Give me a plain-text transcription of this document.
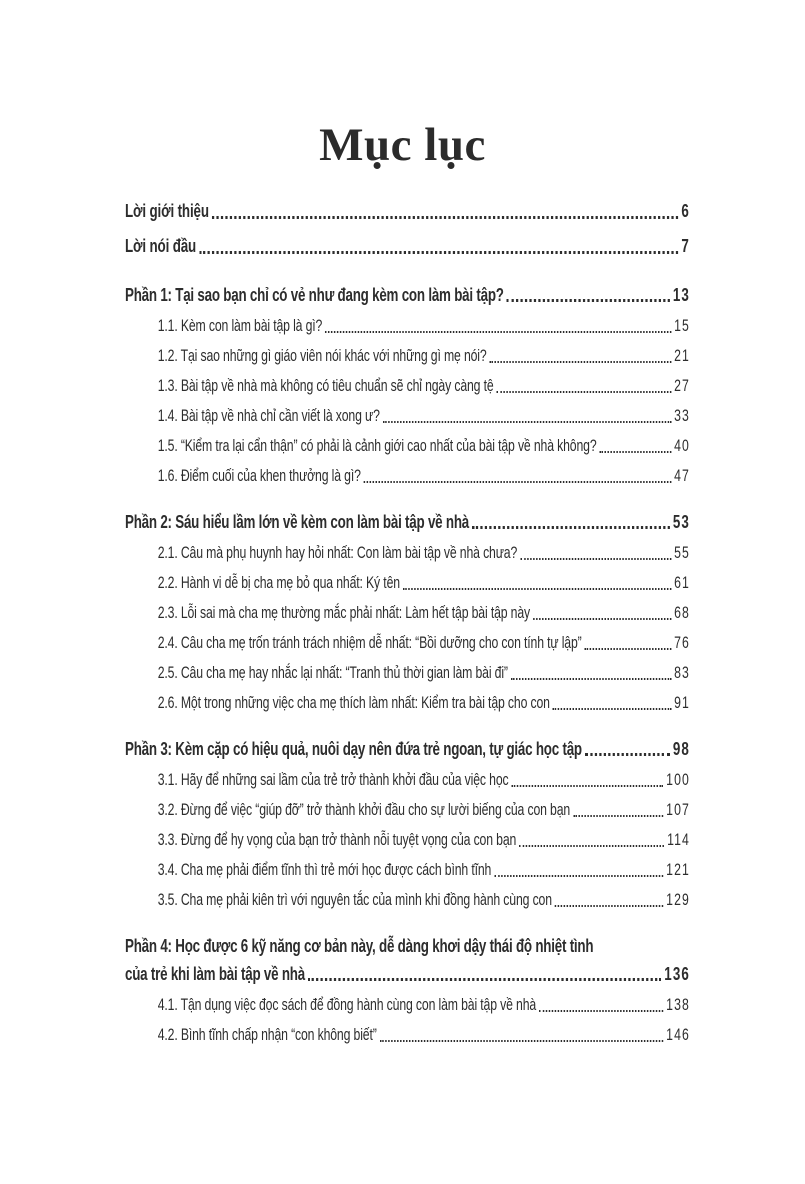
Mục lục
Lời giới thiệu	6
Lời nói đầu	7
Phần 1: Tại sao bạn chỉ có vẻ như đang kèm con làm bài tập?	13
1.1. Kèm con làm bài tập là gì?	15
1.2. Tại sao những gì giáo viên nói khác với những gì mẹ nói?	21
1.3. Bài tập về nhà mà không có tiêu chuẩn sẽ chỉ ngày càng tệ	27
1.4. Bài tập về nhà chỉ cần viết là xong ư?	33
1.5. “Kiểm tra lại cẩn thận” có phải là cảnh giới cao nhất của bài tập về nhà không?	40
1.6. Điểm cuối của khen thưởng là gì?	47
Phần 2: Sáu hiểu lầm lớn về kèm con làm bài tập về nhà	53
2.1. Câu mà phụ huynh hay hỏi nhất: Con làm bài tập về nhà chưa?	55
2.2. Hành vi dễ bị cha mẹ bỏ qua nhất: Ký tên	61
2.3. Lỗi sai mà cha mẹ thường mắc phải nhất: Làm hết tập bài tập này	68
2.4. Câu cha mẹ trốn tránh trách nhiệm dễ nhất: “Bồi dưỡng cho con tính tự lập”	76
2.5. Câu cha mẹ hay nhắc lại nhất: “Tranh thủ thời gian làm bài đi”	83
2.6. Một trong những việc cha mẹ thích làm nhất: Kiểm tra bài tập cho con	91
Phần 3: Kèm cặp có hiệu quả, nuôi dạy nên đứa trẻ ngoan, tự giác học tập	98
3.1. Hãy để những sai lầm của trẻ trở thành khởi đầu của việc học	100
3.2. Đừng để việc “giúp đỡ” trở thành khởi đầu cho sự lười biếng của con bạn	107
3.3. Đừng để hy vọng của bạn trở thành nỗi tuyệt vọng của con bạn	114
3.4. Cha mẹ phải điểm tĩnh thì trẻ mới học được cách bình tĩnh	121
3.5. Cha mẹ phải kiên trì với nguyên tắc của mình khi đồng hành cùng con	129
Phần 4: Học được 6 kỹ năng cơ bản này, dễ dàng khơi dậy thái độ nhiệt tình
của trẻ khi làm bài tập về nhà	136
4.1. Tận dụng việc đọc sách để đồng hành cùng con làm bài tập về nhà	138
4.2. Bình tĩnh chấp nhận “con không biết”	146
